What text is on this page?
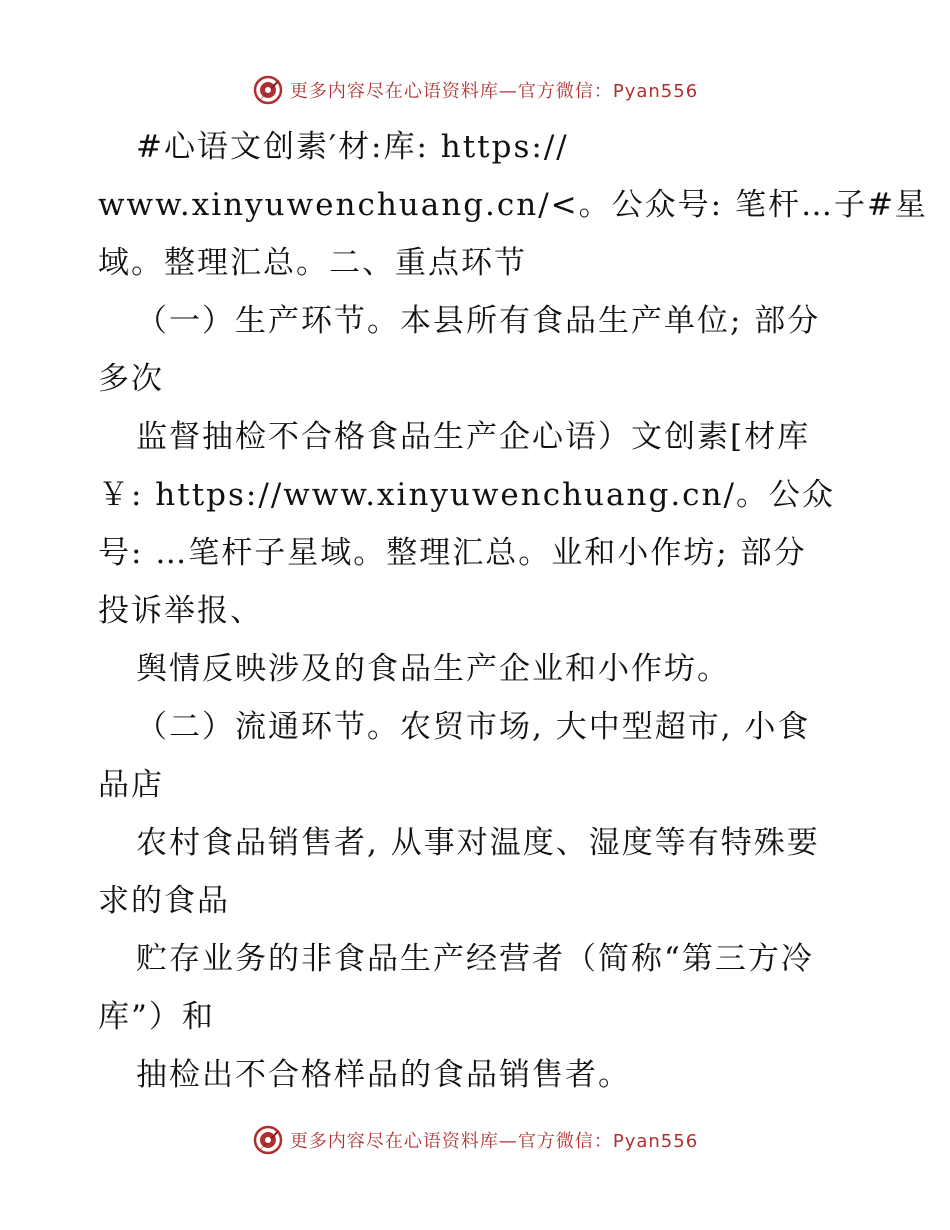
更多内容尽在心语资料库—官方微信：Pyan556
#心语文创素′材:库: https://
www.xinyuwenchuang.cn/<。公众号: 笔杆…子#星
域。整理汇总。二、重点环节
（一）生产环节。本县所有食品生产单位; 部分
多次
监督抽检不合格食品生产企心语）文创素[材库
￥: https://www.xinyuwenchuang.cn/。公众
号: …笔杆子星域。整理汇总。业和小作坊; 部分
投诉举报、
舆情反映涉及的食品生产企业和小作坊。
（二）流通环节。农贸市场, 大中型超市, 小食
品店
农村食品销售者, 从事对温度、湿度等有特殊要
求的食品
贮存业务的非食品生产经营者（简称“第三方冷
库”）和
抽检出不合格样品的食品销售者。
更多内容尽在心语资料库—官方微信：Pyan556
